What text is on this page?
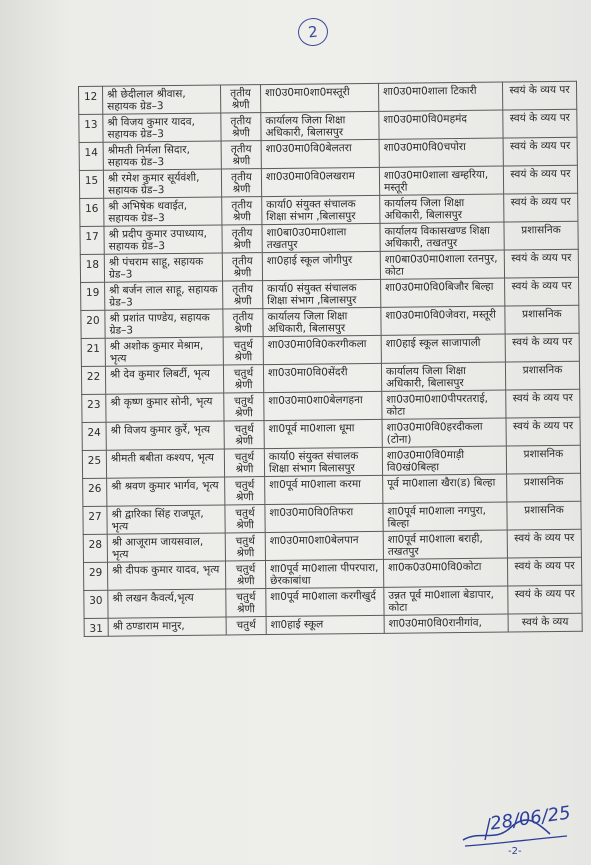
2
12	श्री छेदीलाल श्रीवास, सहायक ग्रेड–3	तृतीय श्रेणी	शा0उ0मा0शा0मस्तूरी	शा0उ0मा0शाला टिकारी	स्वयं के व्यय पर
13	श्री विजय कुमार यादव, सहायक ग्रेड–3	तृतीय श्रेणी	कार्यालय जिला शिक्षा अधिकारी, बिलासपुर	शा0उ0मा0वि0महमंद	स्वयं के व्यय पर
14	श्रीमती निर्मला सिदार, सहायक ग्रेड–3	तृतीय श्रेणी	शा0उ0मा0वि0बेलतरा	शा0उ0मा0वि0चपोरा	स्वयं के व्यय पर
15	श्री रमेश कुमार सूर्यवंशी, सहायक ग्रेड–3	तृतीय श्रेणी	शा0उ0मा0वि0लखराम	शा0उ0मा0शाला खम्हरिया, मस्तूरी	स्वयं के व्यय पर
16	श्री अभिषेक थवाईत, सहायक ग्रेड–3	तृतीय श्रेणी	कार्या0 संयुक्त संचालक शिक्षा संभाग ,बिलासपुर	कार्यालय जिला शिक्षा अधिकारी, बिलासपुर	स्वयं के व्यय पर
17	श्री प्रदीप कुमार उपाध्याय, सहायक ग्रेड–3	तृतीय श्रेणी	शा0बा0उ0मा0शाला तखतपुर	कार्यालय विकासखण्ड शिक्षा अधिकारी, तखतपुर	प्रशासनिक
18	श्री पंचराम साहू, सहायक ग्रेड–3	तृतीय श्रेणी	शा0हाई स्कूल जोगीपुर	शा0बा0उ0मा0शाला रतनपुर, कोटा	स्वयं के व्यय पर
19	श्री बर्जन लाल साहू, सहायक ग्रेड–3	तृतीय श्रेणी	कार्या0 संयुक्त संचालक शिक्षा संभाग ,बिलासपुर	शा0उ0मा0वि0बिजौर बिल्हा	स्वयं के व्यय पर
20	श्री प्रशांत पाण्डेय, सहायक ग्रेड–3	तृतीय श्रेणी	कार्यालय जिला शिक्षा अधिकारी, बिलासपुर	शा0उ0मा0वि0जेवरा, मस्तूरी	प्रशासनिक
21	श्री अशोक कुमार मेश्राम, भृत्य	चतुर्थ श्रेणी	शा0उ0मा0वि0करगीकला	शा0हाई स्कूल साजापाली	स्वयं के व्यय पर
22	श्री देव कुमार लिबर्टी, भृत्य	चतुर्थ श्रेणी	शा0उ0मा0वि0सेंदरी	कार्यालय जिला शिक्षा अधिकारी, बिलासपुर	प्रशासनिक
23	श्री कृष्ण कुमार सोनी, भृत्य	चतुर्थ श्रेणी	शा0उ0मा0शा0बेलगहना	शा0उ0मा0शा0पीपरतराई, कोटा	स्वयं के व्यय पर
24	श्री विजय कुमार कुर्रे, भृत्य	चतुर्थ श्रेणी	शा0पूर्व मा0शाला धूमा	शा0उ0मा0वि0हरदीकला (टोना)	स्वयं के व्यय पर
25	श्रीमती बबीता कश्यप, भृत्य	चतुर्थ श्रेणी	कार्या0 संयुक्त संचालक शिक्षा संभाग बिलासपुर	शा0उ0मा0वि0माड़ी वि0खं0बिल्हा	प्रशासनिक
26	श्री श्रवण कुमार भार्गव, भृत्य	चतुर्थ श्रेणी	शा0पूर्व मा0शाला करमा	पूर्व मा0शाला खैरा(ड) बिल्हा	प्रशासनिक
27	श्री द्वारिका सिंह राजपूत, भृत्य	चतुर्थ श्रेणी	शा0उ0मा0वि0तिफरा	शा0पूर्व मा0शाला नगपुरा, बिल्हा	प्रशासनिक
28	श्री आजूराम जायसवाल, भृत्य	चतुर्थ श्रेणी	शा0उ0मा0शा0बेलपान	शा0पूर्व मा0शाला बराही, तखतपुर	स्वयं के व्यय पर
29	श्री दीपक कुमार यादव, भृत्य	चतुर्थ श्रेणी	शा0पूर्व मा0शाला पीपरपारा, छेरकाबांधा	शा0क0उ0मा0वि0कोटा	स्वयं के व्यय पर
30	श्री लखन कैवर्त्य,भृत्य	चतुर्थ श्रेणी	शा0पूर्व मा0शाला करगीखुर्द	उन्नत पूर्व मा0शाला बेडापार, कोटा	स्वयं के व्यय पर
31	श्री ठण्डाराम मानुर,	चतुर्थ	शा0हाई स्कूल	शा0उ0मा0वि0रानीगांव,	स्वयं के व्यय
28/06/25
-2-
